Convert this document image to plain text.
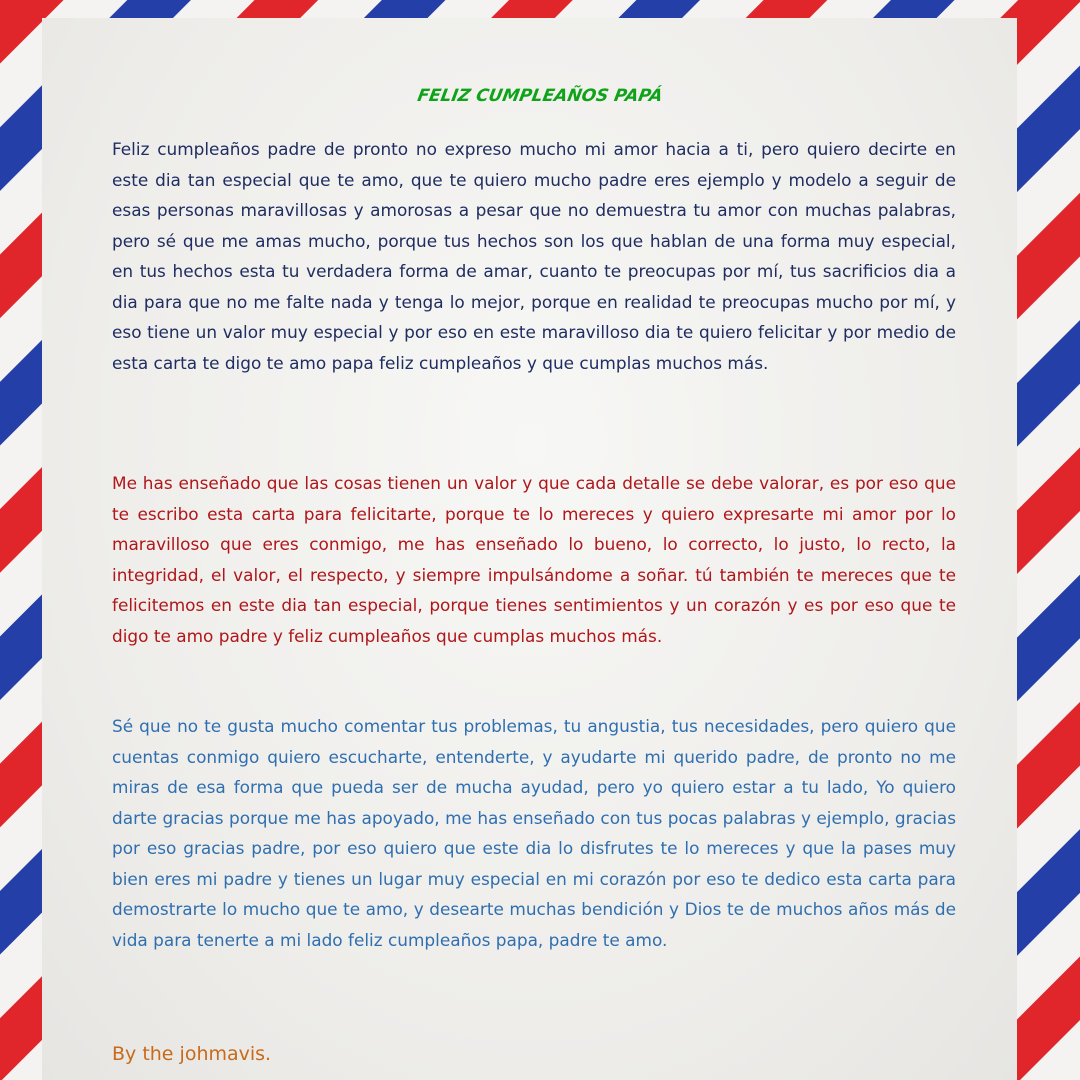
FELIZ CUMPLEAÑOS PAPÁ

Feliz cumpleaños padre de pronto no expreso mucho mi amor hacia a ti, pero quiero decirte en este dia tan especial que te amo, que te quiero mucho padre eres ejemplo y modelo a seguir de esas personas maravillosas y amorosas a pesar que no demuestra tu amor con muchas palabras, pero sé que me amas mucho, porque tus hechos son los que hablan de una forma muy especial, en tus hechos esta tu verdadera forma de amar, cuanto te preocupas por mí, tus sacrificios dia a dia para que no me falte nada y tenga lo mejor, porque en realidad te preocupas mucho por mí, y eso tiene un valor muy especial y por eso en este maravilloso dia te quiero felicitar y por medio de esta carta te digo te amo papa feliz cumpleaños y que cumplas muchos más.

Me has enseñado que las cosas tienen un valor y que cada detalle se debe valorar, es por eso que te escribo esta carta para felicitarte, porque te lo mereces y quiero expresarte mi amor por lo maravilloso que eres conmigo, me has enseñado lo bueno, lo correcto, lo justo, lo recto, la integridad, el valor, el respecto, y siempre impulsándome a soñar. tú también te mereces que te felicitemos en este dia tan especial, porque tienes sentimientos y un corazón y es por eso que te digo te amo padre y feliz cumpleaños que cumplas muchos más.

Sé que no te gusta mucho comentar tus problemas, tu angustia, tus necesidades, pero quiero que cuentas conmigo quiero escucharte, entenderte, y ayudarte mi querido padre, de pronto no me miras de esa forma que pueda ser de mucha ayudad, pero yo quiero estar a tu lado, Yo quiero darte gracias porque me has apoyado, me has enseñado con tus pocas palabras y ejemplo, gracias por eso gracias padre, por eso quiero que este dia lo disfrutes te lo mereces y que la pases muy bien eres mi padre y tienes un lugar muy especial en mi corazón por eso te dedico esta carta para demostrarte lo mucho que te amo, y desearte muchas bendición y Dios te de muchos años más de vida para tenerte a mi lado feliz cumpleaños papa, padre te amo.

By the johmavis.
